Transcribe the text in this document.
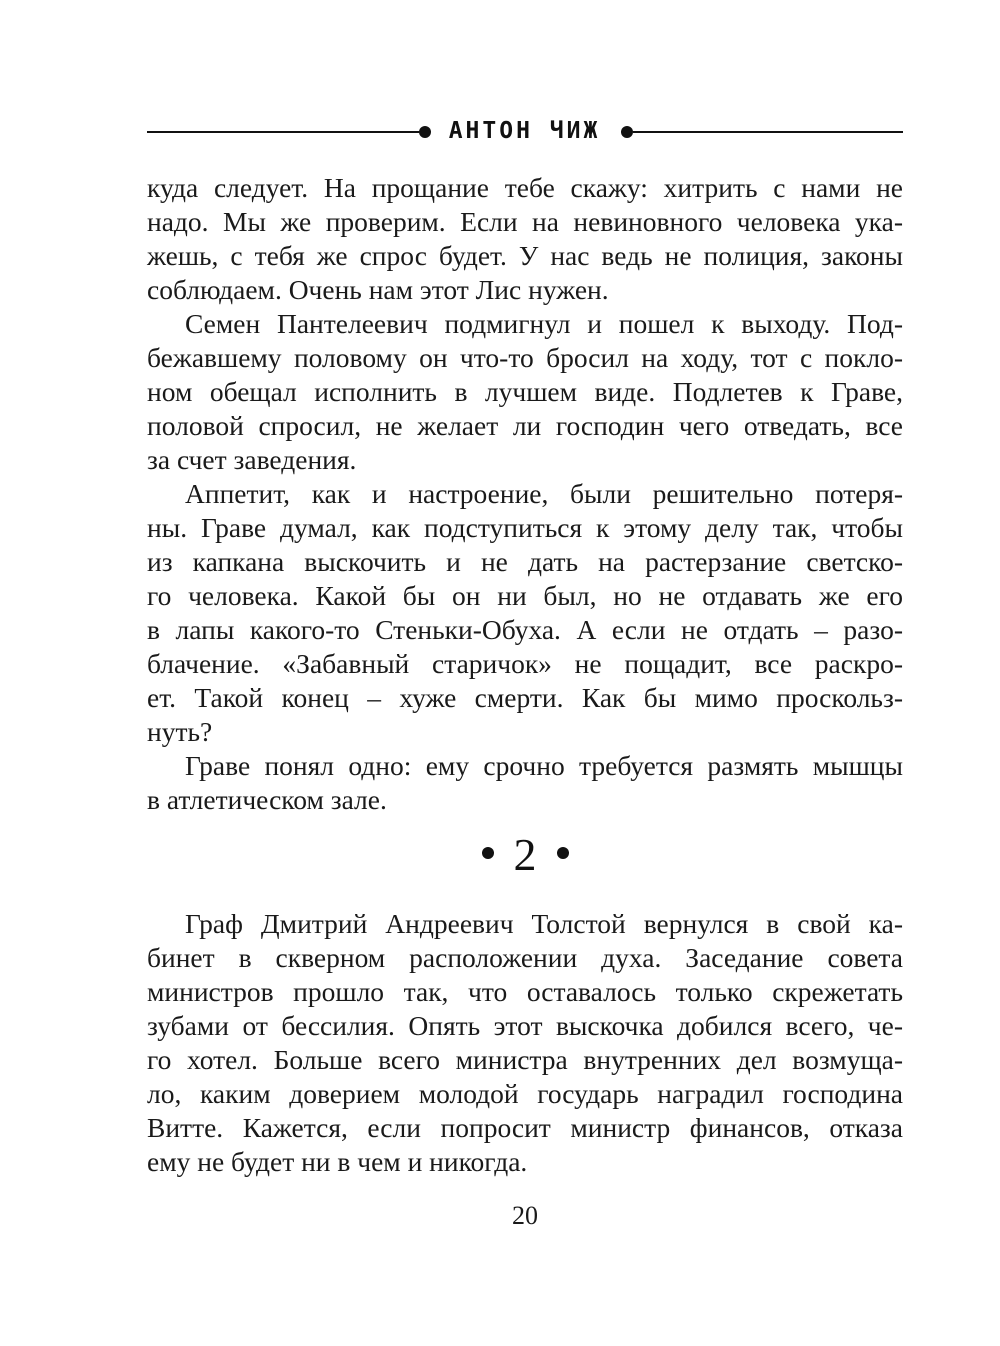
АНТОН ЧИЖ
куда следует. На прощание тебе скажу: хитрить с нами не
надо. Мы же проверим. Если на невиновного человека ука-
жешь, с тебя же спрос будет. У нас ведь не полиция, законы
соблюдаем. Очень нам этот Лис нужен.
Семен Пантелеевич подмигнул и пошел к выходу. Под-
бежавшему половому он что-то бросил на ходу, тот с покло-
ном обещал исполнить в лучшем виде. Подлетев к Граве,
половой спросил, не желает ли господин чего отведать, все
за счет заведения.
Аппетит, как и настроение, были решительно потеря-
ны. Граве думал, как подступиться к этому делу так, чтобы
из капкана выскочить и не дать на растерзание светско-
го человека. Какой бы он ни был, но не отдавать же его
в лапы какого-то Стеньки-Обуха. А если не отдать – разо-
блачение. «Забавный старичок» не пощадит, все раскро-
ет. Такой конец – хуже смерти. Как бы мимо проскольз-
нуть?
Граве понял одно: ему срочно требуется размять мышцы
в атлетическом зале.
2
Граф Дмитрий Андреевич Толстой вернулся в свой ка-
бинет в скверном расположении духа. Заседание совета
министров прошло так, что оставалось только скрежетать
зубами от бессилия. Опять этот выскочка добился всего, че-
го хотел. Больше всего министра внутренних дел возмуща-
ло, каким доверием молодой государь наградил господина
Витте. Кажется, если попросит министр финансов, отказа
ему не будет ни в чем и никогда.
20
